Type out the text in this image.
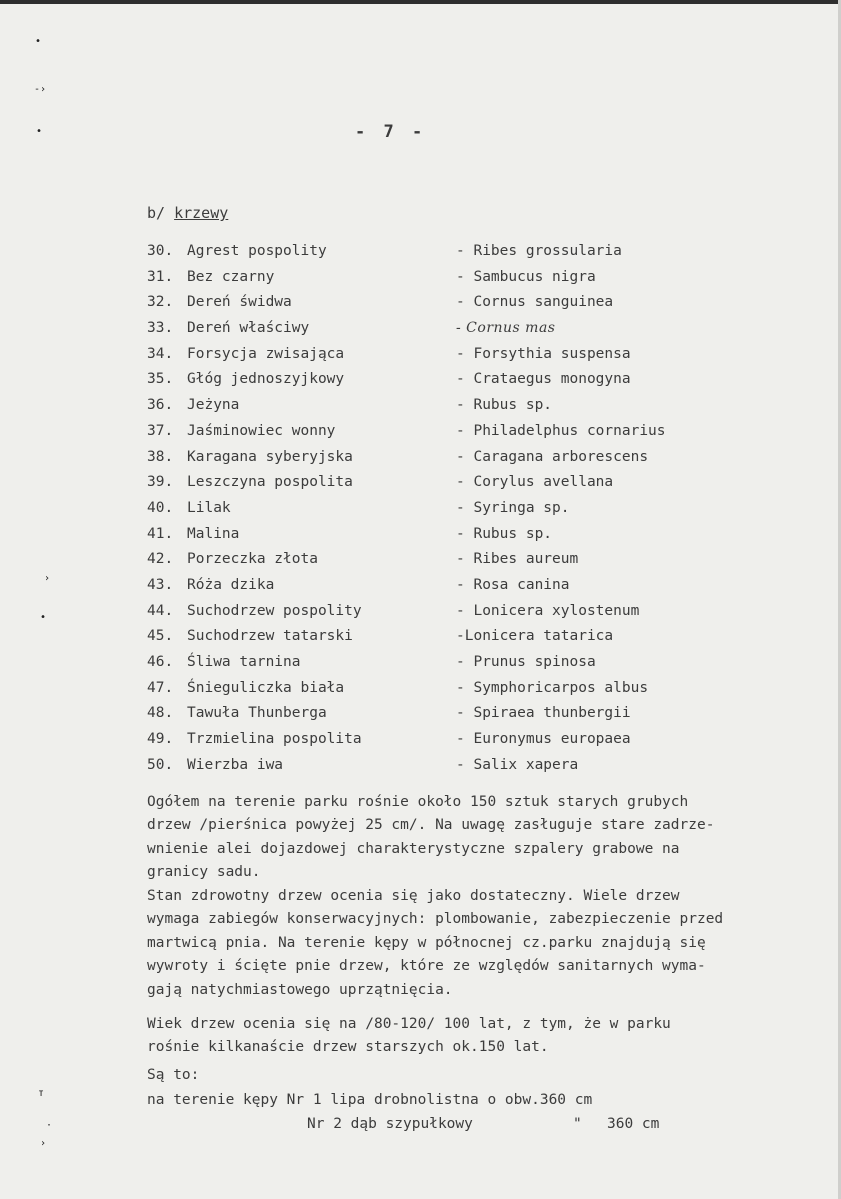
•
-›
•
›
•
т
·
›
- 7 -
b/ krzewy
30. Agrest pospolity	- Ribes grossularia
31. Bez czarny	- Sambucus nigra
32. Dereń świdwa	- Cornus sanguinea
33. Dereń właściwy	- Cornus mas
34. Forsycja zwisająca	- Forsythia suspensa
35. Głóg jednoszyjkowy	- Crataegus monogyna
36. Jeżyna	- Rubus sp.
37. Jaśminowiec wonny	- Philadelphus cornarius
38. Karagana syberyjska	- Caragana arborescens
39. Leszczyna pospolita	- Corylus avellana
40. Lilak	- Syringa sp.
41. Malina	- Rubus sp.
42. Porzeczka złota	- Ribes aureum
43. Róża dzika	- Rosa canina
44. Suchodrzew pospolity	- Lonicera xylostenum
45. Suchodrzew tatarski	-Lonicera tatarica
46. Śliwa tarnina	- Prunus spinosa
47. Śnieguliczka biała	- Symphoricarpos albus
48. Tawuła Thunberga	- Spiraea thunbergii
49. Trzmielina pospolita	- Euronymus europaea
50. Wierzba iwa	- Salix xapera

Ogółem na terenie parku rośnie około 150 sztuk starych grubych

drzew /pierśnica powyżej 25 cm/. Na uwagę zasługuje stare zadrze-

wnienie alei dojazdowej charakterystyczne szpalery grabowe na

granicy sadu.

Stan zdrowotny drzew ocenia się jako dostateczny. Wiele drzew

wymaga zabiegów konserwacyjnych: plombowanie, zabezpieczenie przed

martwicą pnia. Na terenie kępy w północnej cz.parku znajdują się

wywroty i ścięte pnie drzew, które ze względów sanitarnych wyma-

gają natychmiastowego uprzątnięcia.

Wiek drzew ocenia się na /80-120/ 100 lat, z tym, że w parku

rośnie kilkanaście drzew starszych ok.150 lat.

Są to:

na terenie kępy Nr 1 lipa drobnolistna o obw.360 cm
Nr 2 dąb szypułkowy	" 360 cm
